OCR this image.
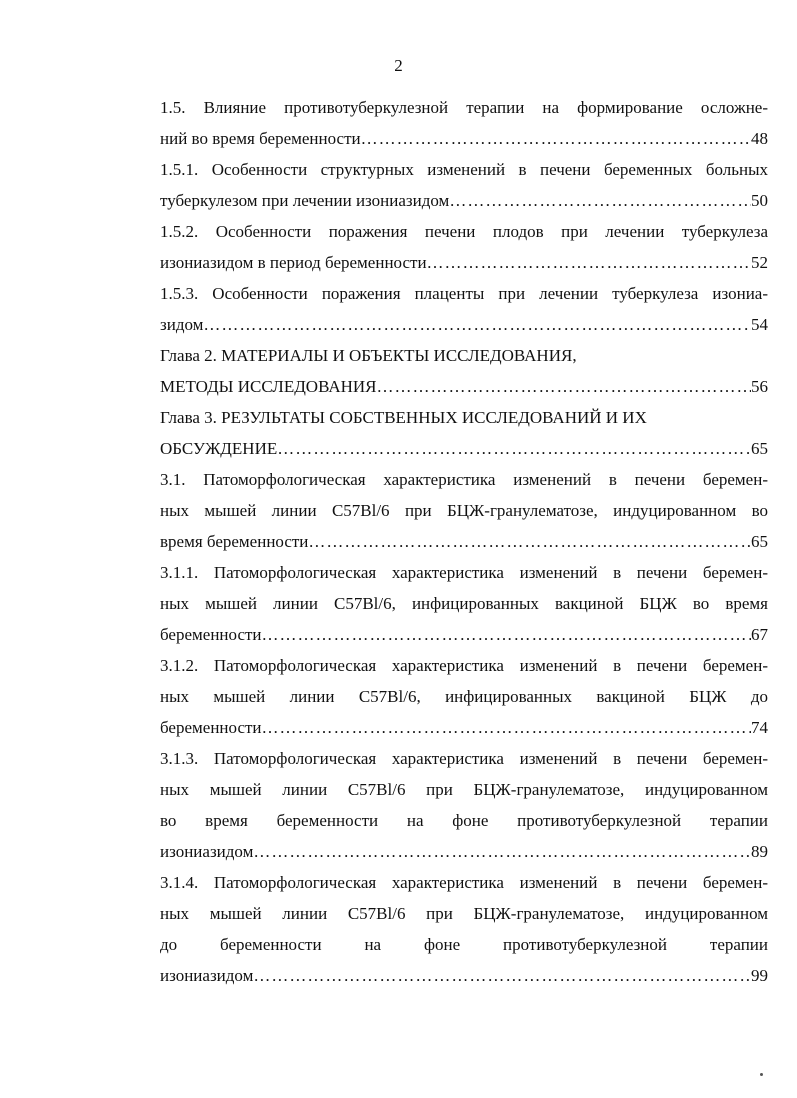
2
1.5. Влияние противотуберкулезной терапии на формирование осложне-
ний во время беременности ……………………………………………………………………………………………………………………………………………………	48
1.5.1. Особенности структурных изменений в печени беременных больных
туберкулезом при лечении изониазидом ……………………………………………………………………………………………………………………………………………………	50
1.5.2. Особенности поражения печени плодов при лечении туберкулеза
изониазидом в период беременности ……………………………………………………………………………………………………………………………………………………	52
1.5.3. Особенности поражения плаценты при лечении туберкулеза изониа-
зидом ……………………………………………………………………………………………………………………………………………………	54
Глава 2. МАТЕРИАЛЫ И ОБЪЕКТЫ ИССЛЕДОВАНИЯ,
МЕТОДЫ ИССЛЕДОВАНИЯ ……………………………………………………………………………………………………………………………………………………	56
Глава 3. РЕЗУЛЬТАТЫ СОБСТВЕННЫХ ИССЛЕДОВАНИЙ И ИХ
ОБСУЖДЕНИЕ ……………………………………………………………………………………………………………………………………………………	65
3.1. Патоморфологическая характеристика изменений в печени беремен-
ных мышей линии C57Bl/6 при БЦЖ-гранулематозе, индуцированном во
время беременности ……………………………………………………………………………………………………………………………………………………	65
3.1.1. Патоморфологическая характеристика изменений в печени беремен-
ных мышей линии C57Bl/6, инфицированных вакциной БЦЖ во время
беременности ……………………………………………………………………………………………………………………………………………………	67
3.1.2. Патоморфологическая характеристика изменений в печени беремен-
ных мышей линии C57Bl/6, инфицированных вакциной БЦЖ до
беременности ……………………………………………………………………………………………………………………………………………………	74
3.1.3. Патоморфологическая характеристика изменений в печени беремен-
ных мышей линии C57Bl/6 при БЦЖ-гранулематозе, индуцированном
во время беременности на фоне противотуберкулезной терапии
изониазидом ……………………………………………………………………………………………………………………………………………………	89
3.1.4. Патоморфологическая характеристика изменений в печени беремен-
ных мышей линии C57Bl/6 при БЦЖ-гранулематозе, индуцированном
до беременности на фоне противотуберкулезной терапии
изониазидом ……………………………………………………………………………………………………………………………………………………	99
